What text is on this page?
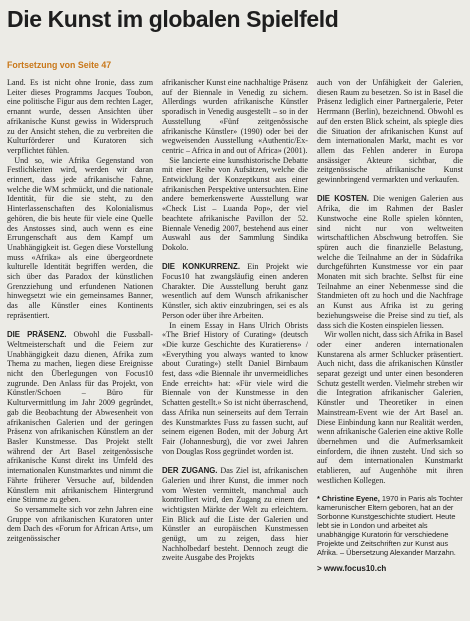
Die Kunst im globalen Spielfeld
Fortsetzung von Seite 47

Land. Es ist nicht ohne Ironie, dass zum Leiter dieses Programms Jacques Toubon, eine politische Figur aus dem rechten Lager, ernannt wurde, dessen Ansichten über afrikanische Kunst gewiss in Widerspruch zu der Ansicht stehen, die zu verbreiten die Kulturförderer und Kuratoren sich verpflichtet fühlen.

Und so, wie Afrika Gegenstand von Festlichkeiten wird, werden wir daran erinnert, dass jede afrikanische Fahne, welche die WM schmückt, und die nationale Identität, für die sie steht, zu den Hinterlassenschaften des Kolonialismus gehören, die bis heute für viele eine Quelle des Anstosses sind, auch wenn es eine Errungenschaft aus dem Kampf um Unabhängigkeit ist. Gegen diese Vorstellung muss «Afrika» als eine übergeordnete kulturelle Identität begriffen werden, die sich über das Paradox der künstlichen Grenzziehung und erfundenen Nationen hinwegsetzt wie ein gemeinsames Banner, das alle Künstler eines Kontinents repräsentiert.

DIE PRÄSENZ. Obwohl die Fussball-Weltmeisterschaft und die Feiern zur Unabhängigkeit dazu dienen, Afrika zum Thema zu machen, liegen diese Ereignisse nicht den Überlegungen von Focus10 zugrunde. Den Anlass für das Projekt, von Künstler/Schoen – Büro für Kulturvermittlung im Jahr 2009 gegründet, gab die Beobachtung der Abwesenheit von afrikanischen Galerien und der geringen Präsenz von afrikanischen Künstlern an der Basler Kunstmesse. Das Projekt stellt während der Art Basel zeitgenössische afrikanische Kunst direkt ins Umfeld des internationalen Kunstmarktes und nimmt die Fährte früherer Versuche auf, bildenden Künstlern mit afrikanischem Hintergrund eine Stimme zu geben.

So versammelte sich vor zehn Jahren eine Gruppe von afrikanischen Kuratoren unter dem Dach des «Forum for African Arts», um zeitgenössischer

afrikanischer Kunst eine nachhaltige Präsenz auf der Biennale in Venedig zu sichern. Allerdings wurden afrikanische Künstler sporadisch in Venedig ausgestellt – so in der Ausstellung «Fünf zeitgenössische afrikanische Künstler» (1990) oder bei der wegweisenden Ausstellung «Authentic/Ex-centric – Africa in and out of Africa» (2001).

Sie lancierte eine kunsthistorische Debatte mit einer Reihe von Aufsätzen, welche die Entwicklung der Konzeptkunst aus einer afrikanischen Perspektive untersuchten. Eine andere bemerkenswerte Ausstellung war «Check List – Luanda Pop», der viel beachtete afrikanische Pavillon der 52. Biennale Venedig 2007, bestehend aus einer Auswahl aus der Sammlung Sindika Dokolo.

DIE KONKURRENZ. Ein Projekt wie Focus10 hat zwangsläufig einen anderen Charakter. Die Ausstellung beruht ganz wesentlich auf dem Wunsch afrikanischer Künstler, sich aktiv einzubringen, sei es als Person oder über ihre Arbeiten.

In einem Essay in Hans Ulrich Obrists «The Brief History of Curating» (deutsch «Die kurze Geschichte des Kuratierens» / «Everything you always wanted to know about Curating») stellt Daniel Birnbaum fest, dass «die Biennale ihr unvermeidliches Ende erreicht» hat: «Für viele wird die Biennale von der Kunstmesse in den Schatten gestellt.» So ist nicht überraschend, dass Afrika nun seinerseits auf dem Terrain des Kunstmarktes Fuss zu fassen sucht, auf seinem eigenen Boden, mit der Joburg Art Fair (Johannesburg), die vor zwei Jahren von Douglas Ross gegründet worden ist.

DER ZUGANG. Das Ziel ist, afrikanischen Galerien und ihrer Kunst, die immer noch vom Westen vermittelt, manchmal auch kontrolliert wird, den Zugang zu einem der wichtigsten Märkte der Welt zu erleichtern. Ein Blick auf die Liste der Galerien und Künstler an europäischen Kunstmessen genügt, um zu zeigen, dass hier Nachholbedarf besteht. Dennoch zeugt die zweite Ausgabe des Projekts

auch von der Unfähigkeit der Galerien, diesen Raum zu besetzen. So ist in Basel die Präsenz lediglich einer Partnergalerie, Peter Herrmann (Berlin), bezeichnend. Obwohl es auf den ersten Blick scheint, als spiegle dies die Situation der afrikanischen Kunst auf dem internationalen Markt, macht es vor allem das Fehlen anderer in Europa ansässiger Akteure sichtbar, die zeitgenössische afrikanische Kunst gewinnbringend vermarkten und verkaufen.

DIE KOSTEN. Die wenigen Galerien aus Afrika, die im Rahmen der Basler Kunstwoche eine Rolle spielen könnten, sind nicht nur von weltweiten wirtschaftlichen Abschwung betroffen. Sie spüren auch die finanzielle Belastung, welche die Teilnahme an der in Südafrika durchgeführten Kunstmesse vor ein paar Monaten mit sich brachte. Selbst für eine Teilnahme an einer Nebenmesse sind die Standmieten oft zu hoch und die Nachfrage an Kunst aus Afrika ist zu gering beziehungsweise die Preise sind zu tief, als dass sich die Kosten einspielen liessen.

Wir wollen nicht, dass sich Afrika in Basel oder einer anderen internationalen Kunstarena als armer Schlucker präsentiert. Auch nicht, dass die afrikanischen Künstler separat gezeigt und unter einen besonderen Schutz gestellt werden. Vielmehr streben wir die Integration afrikanischer Galerien, Künstler und Theoretiker in einen Mainstream-Event wie der Art Basel an. Diese Einbindung kann nur Realität werden, wenn afrikanische Galerien eine aktive Rolle übernehmen und die Aufmerksamkeit einfordern, die ihnen zusteht. Und sich so auf dem internationalen Kunstmarkt etablieren, auf Augenhöhe mit ihren westlichen Kollegen.

* Christine Eyene, 1970 in Paris als Tochter kamerunischer Eltern geboren, hat an der Sorbonne Kunstgeschichte studiert. Heute lebt sie in London und arbeitet als unabhängige Kuratorin für verschiedene Projekte und Zeitschriften zur Kunst aus Afrika. – Übersetzung Alexander Marzahn.
> www.focus10.ch
